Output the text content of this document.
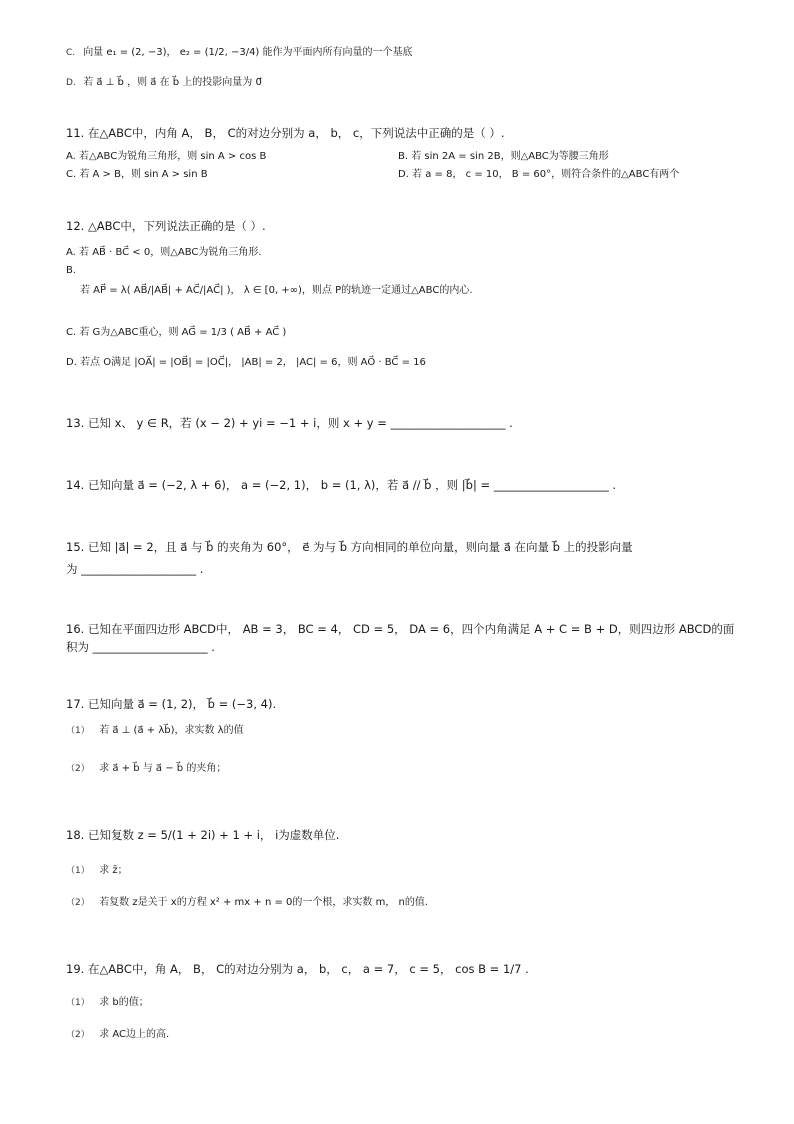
C. 向量 e₁ = (2, −3)， e₂ = (1/2, −3/4) 能作为平面内所有向量的一个基底
D. 若 a⃗ ⊥ b⃗ ，则 a⃗ 在 b⃗ 上的投影向量为 0⃗
11. 在△ABC中，内角 A， B， C的对边分别为 a， b， c，下列说法中正确的是（ ）.
A. 若△ABC为锐角三角形，则 sin A > cos B	B. 若 sin 2A = sin 2B，则△ABC为等腰三角形
C. 若 A > B，则 sin A > sin B	D. 若 a = 8， c = 10， B = 60°，则符合条件的△ABC有两个
12. △ABC中，下列说法正确的是（ ）.
A. 若 AB⃗ · BC⃗ < 0，则△ABC为锐角三角形.
B.
若 AP⃗ = λ( AB⃗/|AB⃗| + AC⃗/|AC⃗| )， λ ∈ [0, +∞)，则点 P的轨迹一定通过△ABC的内心.
C. 若 G为△ABC重心，则 AG⃗ = 1/3 ( AB⃗ + AC⃗ )
D. 若点 O满足 |OA⃗| = |OB⃗| = |OC⃗|， |AB| = 2， |AC| = 6，则 AO⃗ · BC⃗ = 16
13. 已知 x、 y ∈ R，若 (x − 2) + yi = −1 + i，则 x + y = ____________________ .
14. 已知向量 a⃗ = (−2, λ + 6)， a = (−2, 1)， b = (1, λ)，若 a⃗ // b⃗ ，则 |b⃗| = ____________________ .
15. 已知 |a⃗| = 2，且 a⃗ 与 b⃗ 的夹角为 60°， e⃗ 为与 b⃗ 方向相同的单位向量，则向量 a⃗ 在向量 b⃗ 上的投影向量
为 ____________________ .
16. 已知在平面四边形 ABCD中， AB = 3， BC = 4， CD = 5， DA = 6，四个内角满足 A + C = B + D，则四边形 ABCD的面
积为 ____________________ .
17. 已知向量 a⃗ = (1, 2)， b⃗ = (−3, 4).
（1） 若 a⃗ ⊥ (a⃗ + λb⃗)，求实数 λ的值
（2） 求 a⃗ + b⃗ 与 a⃗ − b⃗ 的夹角；
18. 已知复数 z = 5/(1 + 2i) + 1 + i， i为虚数单位.
（1） 求 z̄；
（2） 若复数 z是关于 x的方程 x² + mx + n = 0的一个根，求实数 m， n的值.
19. 在△ABC中，角 A， B， C的对边分别为 a， b， c， a = 7， c = 5， cos B = 1/7 .
（1） 求 b的值；
（2） 求 AC边上的高.
